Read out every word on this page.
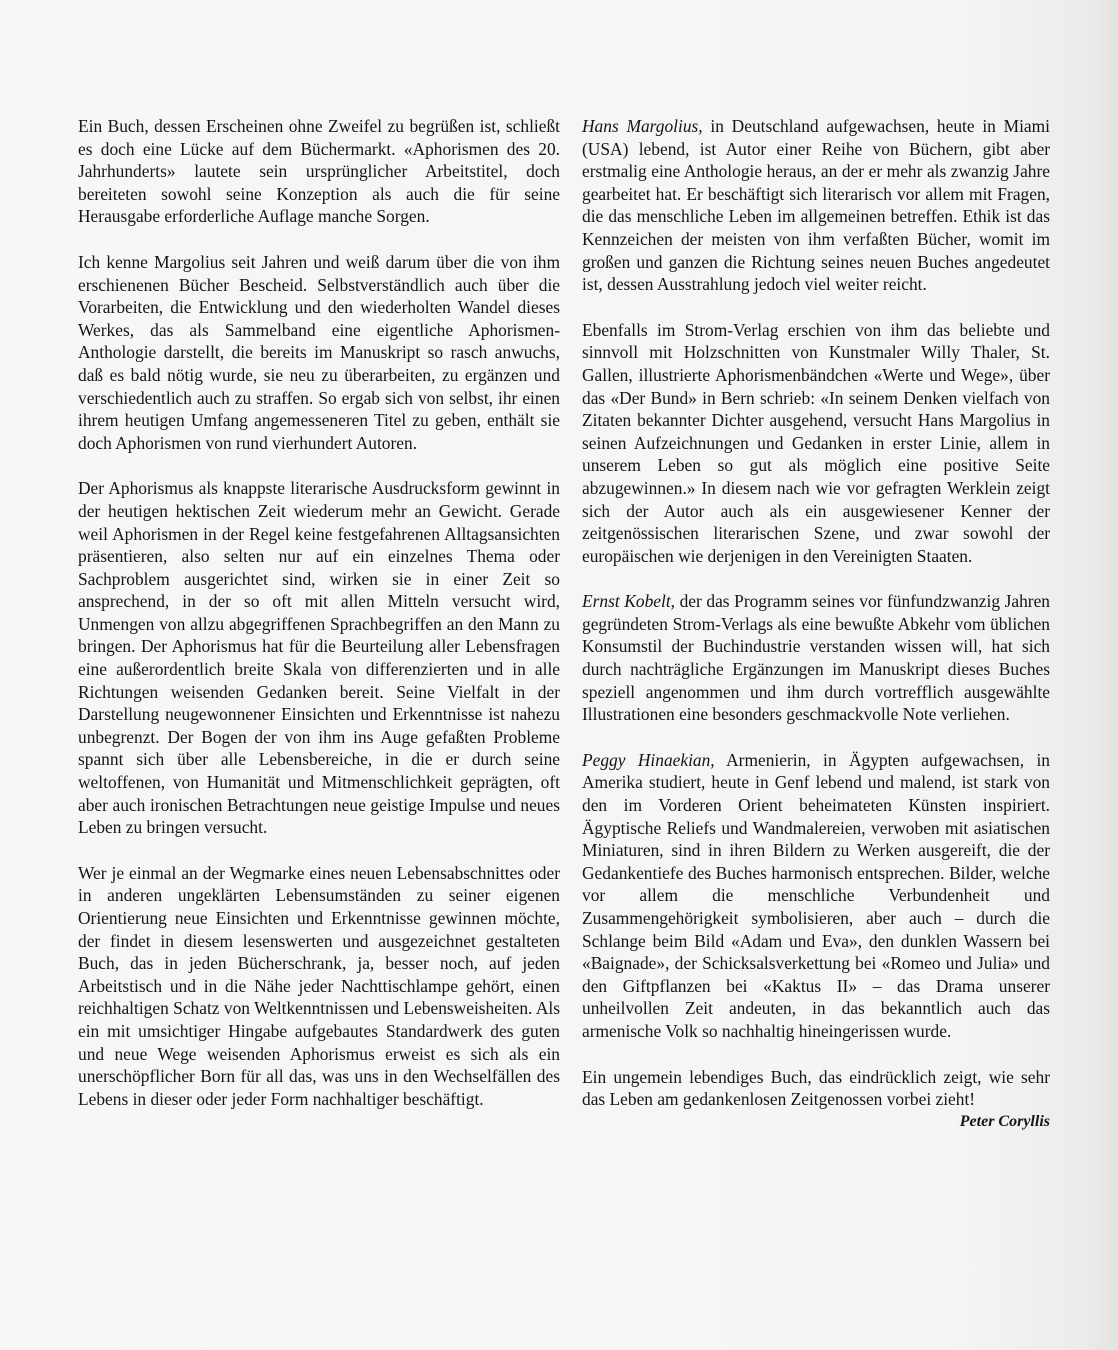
Ein Buch, dessen Erscheinen ohne Zweifel zu begrüßen ist, schließt es doch eine Lücke auf dem Büchermarkt. «Aphorismen des 20. Jahrhunderts» lautete sein ursprünglicher Arbeitstitel, doch bereiteten sowohl seine Konzeption als auch die für seine Herausgabe erforderliche Auflage manche Sorgen.

Ich kenne Margolius seit Jahren und weiß darum über die von ihm erschienenen Bücher Bescheid. Selbstverständlich auch über die Vorarbeiten, die Entwicklung und den wiederholten Wandel dieses Werkes, das als Sammelband eine eigentliche Aphorismen-Anthologie darstellt, die bereits im Manuskript so rasch anwuchs, daß es bald nötig wurde, sie neu zu überarbeiten, zu ergänzen und verschiedentlich auch zu straffen. So ergab sich von selbst, ihr einen ihrem heutigen Umfang angemesseneren Titel zu geben, enthält sie doch Aphorismen von rund vierhundert Autoren.

Der Aphorismus als knappste literarische Ausdrucksform gewinnt in der heutigen hektischen Zeit wiederum mehr an Gewicht. Gerade weil Aphorismen in der Regel keine festgefahrenen Alltagsansichten präsentieren, also selten nur auf ein einzelnes Thema oder Sachproblem ausgerichtet sind, wirken sie in einer Zeit so ansprechend, in der so oft mit allen Mitteln versucht wird, Unmengen von allzu abgegriffenen Sprachbegriffen an den Mann zu bringen. Der Aphorismus hat für die Beurteilung aller Lebensfragen eine außerordentlich breite Skala von differenzierten und in alle Richtungen weisenden Gedanken bereit. Seine Vielfalt in der Darstellung neugewonnener Einsichten und Erkenntnisse ist nahezu unbegrenzt. Der Bogen der von ihm ins Auge gefaßten Probleme spannt sich über alle Lebensbereiche, in die er durch seine weltoffenen, von Humanität und Mitmenschlichkeit geprägten, oft aber auch ironischen Betrachtungen neue geistige Impulse und neues Leben zu bringen versucht.

Wer je einmal an der Wegmarke eines neuen Lebensabschnittes oder in anderen ungeklärten Lebensumständen zu seiner eigenen Orientierung neue Einsichten und Erkenntnisse gewinnen möchte, der findet in diesem lesenswerten und ausgezeichnet gestalteten Buch, das in jeden Bücherschrank, ja, besser noch, auf jeden Arbeitstisch und in die Nähe jeder Nachttischlampe gehört, einen reichhaltigen Schatz von Weltkenntnissen und Lebensweisheiten. Als ein mit umsichtiger Hingabe aufgebautes Standardwerk des guten und neue Wege weisenden Aphorismus erweist es sich als ein unerschöpflicher Born für all das, was uns in den Wechselfällen des Lebens in dieser oder jeder Form nachhaltiger beschäftigt.

Hans Margolius, in Deutschland aufgewachsen, heute in Miami (USA) lebend, ist Autor einer Reihe von Büchern, gibt aber erstmalig eine Anthologie heraus, an der er mehr als zwanzig Jahre gearbeitet hat. Er beschäftigt sich literarisch vor allem mit Fragen, die das menschliche Leben im allgemeinen betreffen. Ethik ist das Kennzeichen der meisten von ihm verfaßten Bücher, womit im großen und ganzen die Richtung seines neuen Buches angedeutet ist, dessen Ausstrahlung jedoch viel weiter reicht.

Ebenfalls im Strom-Verlag erschien von ihm das beliebte und sinnvoll mit Holzschnitten von Kunstmaler Willy Thaler, St. Gallen, illustrierte Aphorismenbändchen «Werte und Wege», über das «Der Bund» in Bern schrieb: «In seinem Denken vielfach von Zitaten bekannter Dichter ausgehend, versucht Hans Margolius in seinen Aufzeichnungen und Gedanken in erster Linie, allem in unserem Leben so gut als möglich eine positive Seite abzugewinnen.» In diesem nach wie vor gefragten Werklein zeigt sich der Autor auch als ein ausgewiesener Kenner der zeitgenössischen literarischen Szene, und zwar sowohl der europäischen wie derjenigen in den Vereinigten Staaten.

Ernst Kobelt, der das Programm seines vor fünfundzwanzig Jahren gegründeten Strom-Verlags als eine bewußte Abkehr vom üblichen Konsumstil der Buchindustrie verstanden wissen will, hat sich durch nachträgliche Ergänzungen im Manuskript dieses Buches speziell angenommen und ihm durch vortrefflich ausgewählte Illustrationen eine besonders geschmackvolle Note verliehen.

Peggy Hinaekian, Armenierin, in Ägypten aufgewachsen, in Amerika studiert, heute in Genf lebend und malend, ist stark von den im Vorderen Orient beheimateten Künsten inspiriert. Ägyptische Reliefs und Wandmalereien, verwoben mit asiatischen Miniaturen, sind in ihren Bildern zu Werken ausgereift, die der Gedankentiefe des Buches harmonisch entsprechen. Bilder, welche vor allem die menschliche Verbundenheit und Zusammengehörigkeit symbolisieren, aber auch – durch die Schlange beim Bild «Adam und Eva», den dunklen Wassern bei «Baignade», der Schicksalsverkettung bei «Romeo und Julia» und den Giftpflanzen bei «Kaktus II» – das Drama unserer unheilvollen Zeit andeuten, in das bekanntlich auch das armenische Volk so nachhaltig hineingerissen wurde.

Ein ungemein lebendiges Buch, das eindrücklich zeigt, wie sehr das Leben am gedankenlosen Zeitgenossen vorbei zieht!
Peter Coryllis
